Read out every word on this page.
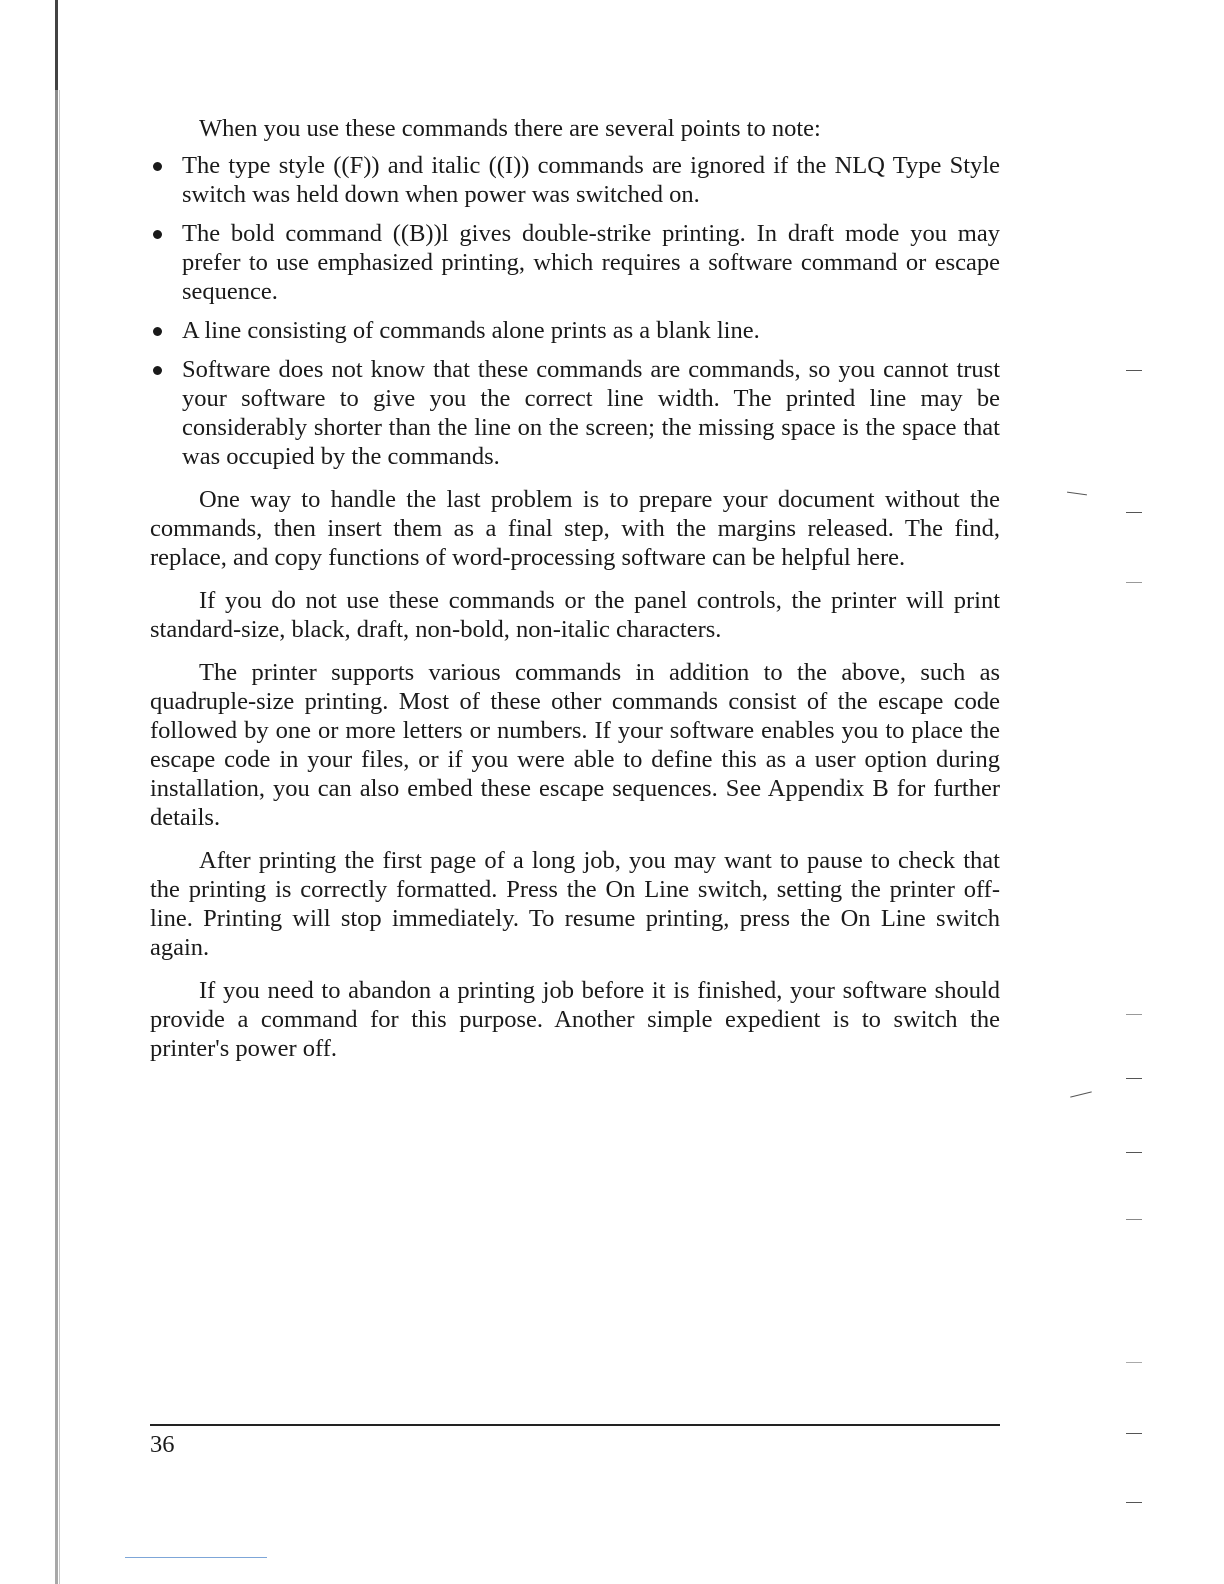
When you use these commands there are several points to note:

The type style ((F)) and italic ((I)) commands are ignored if the NLQ Type Style switch was held down when power was switched on.
The bold command ((B))l gives double-strike printing. In draft mode you may prefer to use emphasized printing, which requires a software command or escape sequence.
A line consisting of commands alone prints as a blank line.
Software does not know that these commands are commands, so you cannot trust your software to give you the correct line width. The printed line may be considerably shorter than the line on the screen; the missing space is the space that was occupied by the commands.

One way to handle the last problem is to prepare your document without the commands, then insert them as a final step, with the margins released. The find, replace, and copy functions of word-processing software can be helpful here.

If you do not use these commands or the panel controls, the printer will print standard-size, black, draft, non-bold, non-italic characters.

The printer supports various commands in addition to the above, such as quadruple-size printing. Most of these other commands consist of the escape code followed by one or more letters or numbers. If your software enables you to place the escape code in your files, or if you were able to define this as a user option during installation, you can also embed these escape sequences. See Appendix B for further details.

After printing the first page of a long job, you may want to pause to check that the printing is correctly formatted. Press the On Line switch, setting the printer off-line. Printing will stop immediately. To resume printing, press the On Line switch again.

If you need to abandon a printing job before it is finished, your software should provide a command for this purpose. Another simple expedient is to switch the printer's power off.

36
